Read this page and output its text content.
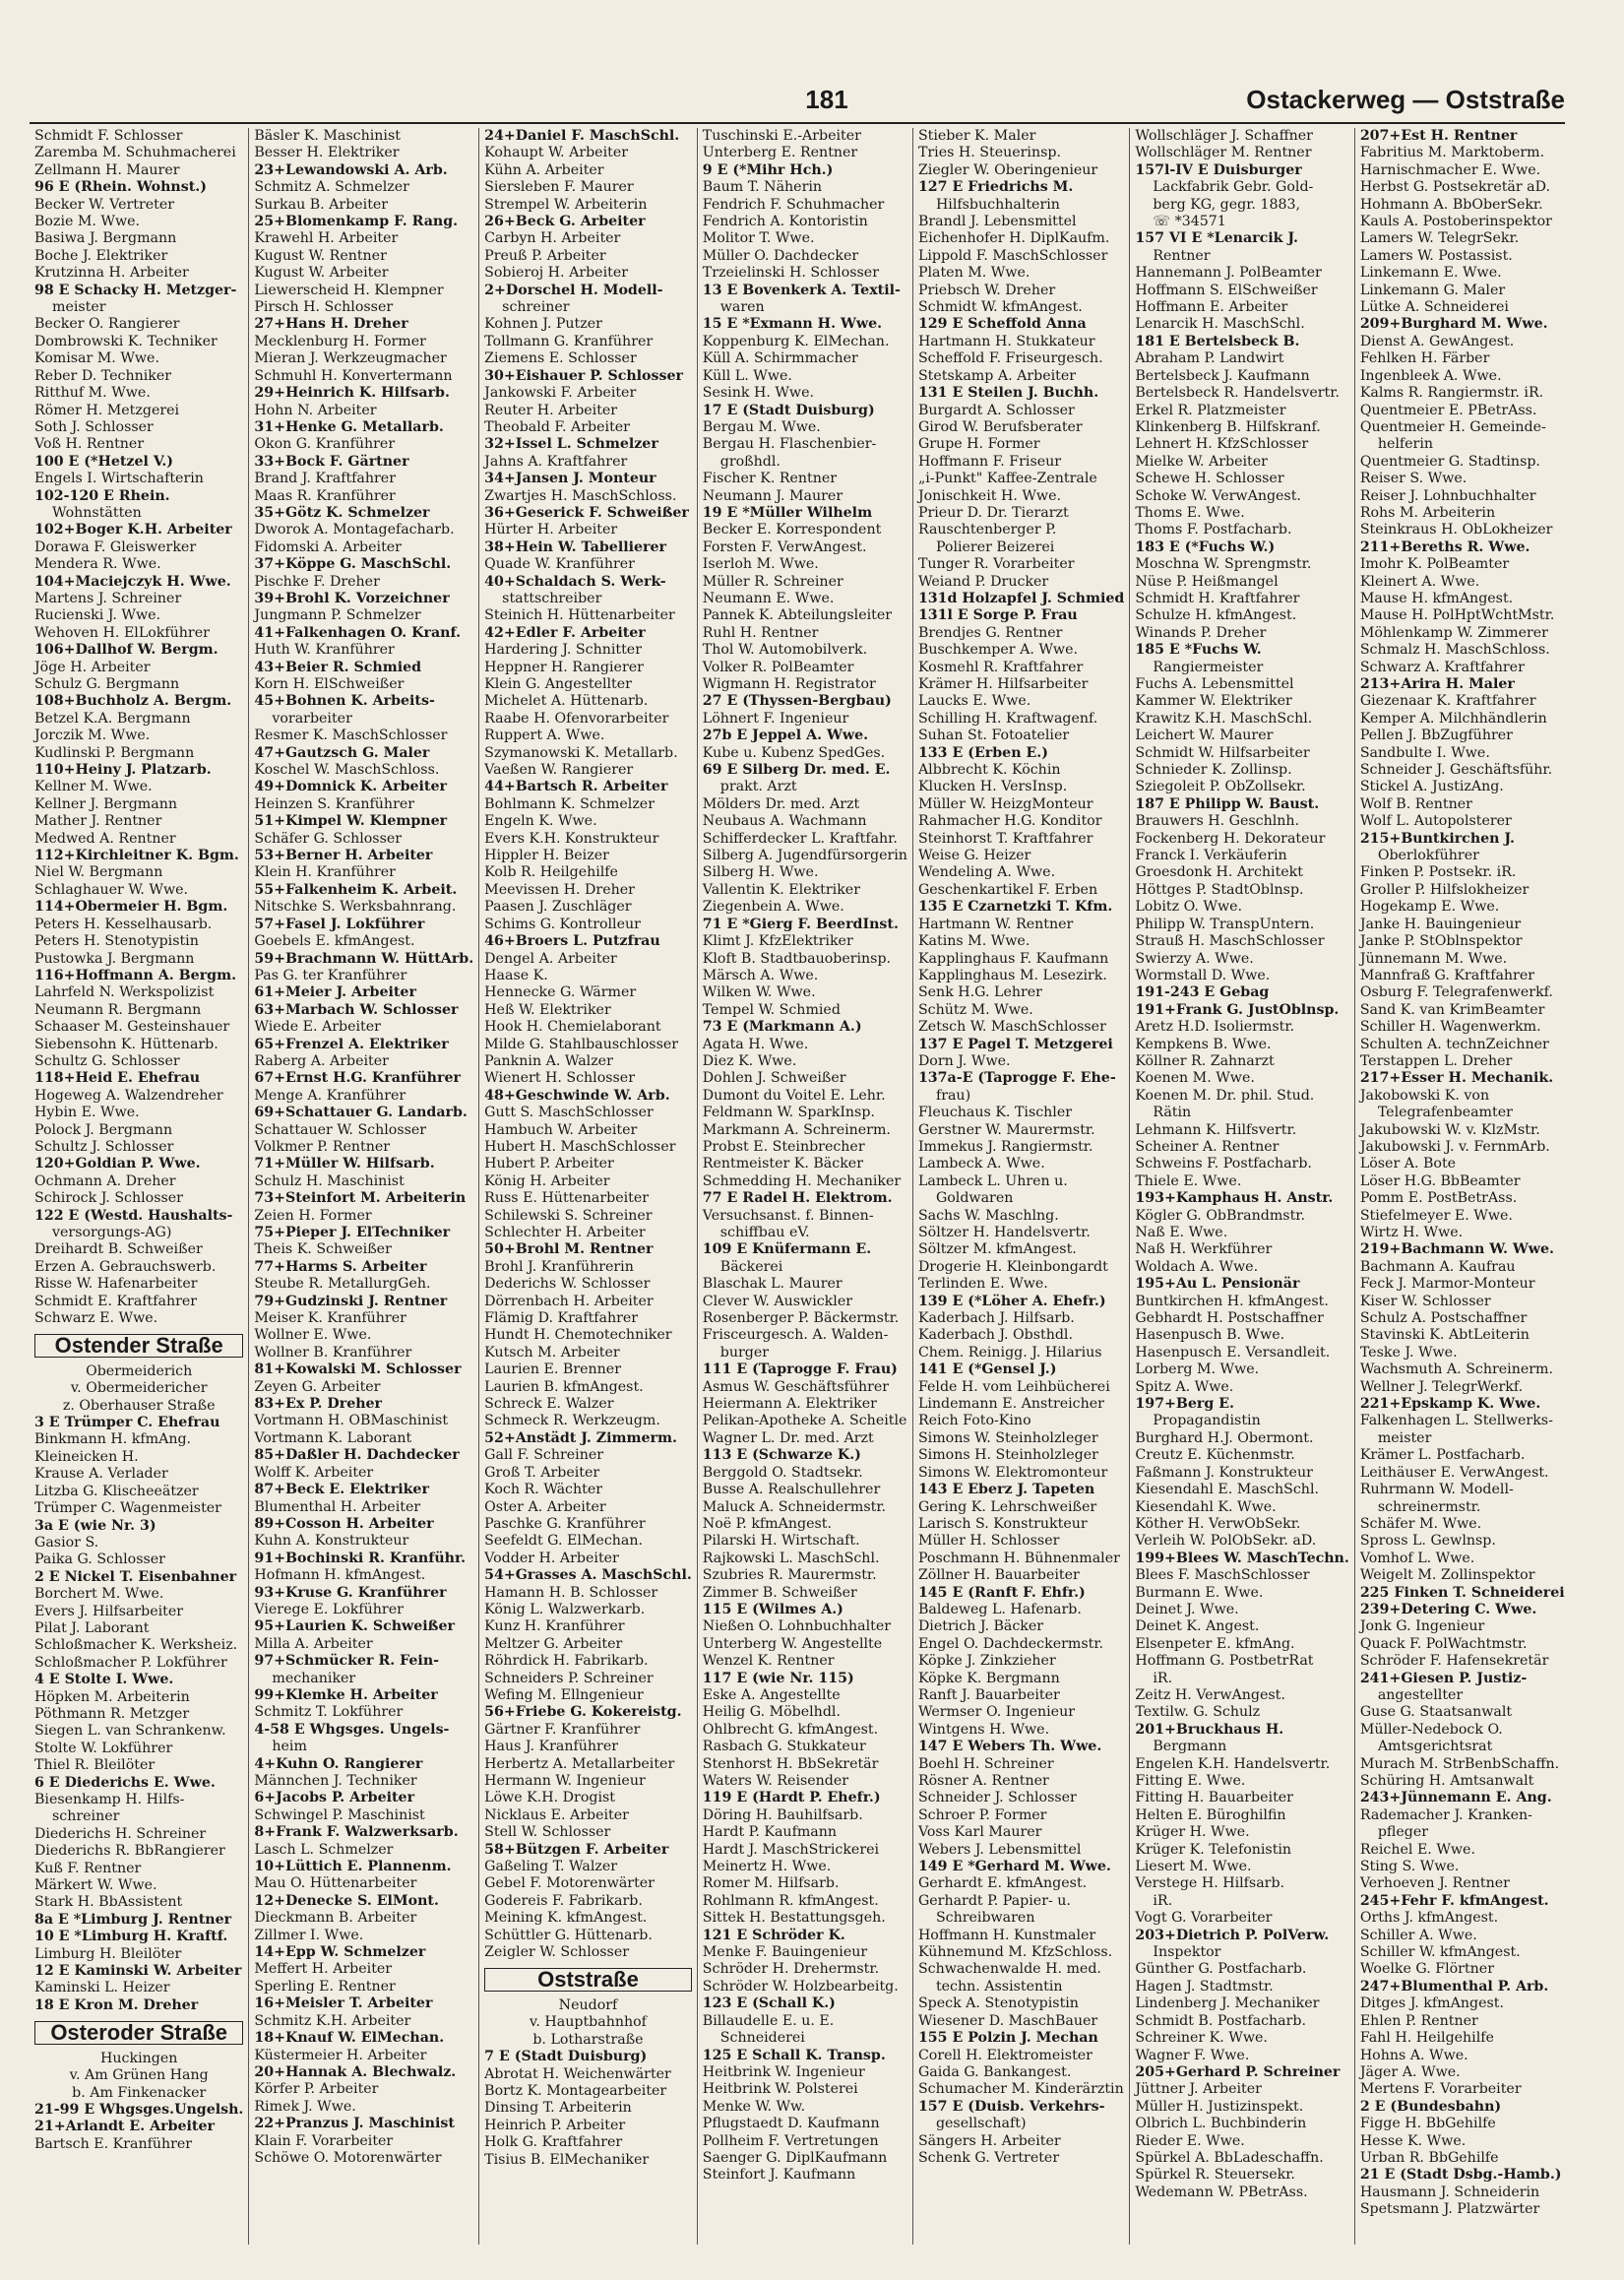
181	Ostackerweg — Oststraße
Schmidt F. Schlosser
Zaremba M. Schuhmacherei
Zellmann H. Maurer
96 E (Rhein. Wohnst.)
Becker W. Vertreter
Bozie M. Wwe.
Basiwa J. Bergmann
Boche J. Elektriker
Krutzinna H. Arbeiter
98 E Schacky H. Metzger-
meister
Becker O. Rangierer
Dombrowski K. Techniker
Komisar M. Wwe.
Reber D. Techniker
Ritthuf M. Wwe.
Römer H. Metzgerei
Soth J. Schlosser
Voß H. Rentner
100 E (*Hetzel V.)
Engels I. Wirtschafterin
102-120 E Rhein.
Wohnstätten
102+Boger K.H. Arbeiter
Dorawa F. Gleiswerker
Mendera R. Wwe.
104+Maciejczyk H. Wwe.
Martens J. Schreiner
Rucienski J. Wwe.
Wehoven H. ElLokführer
106+Dallhof W. Bergm.
Jöge H. Arbeiter
Schulz G. Bergmann
108+Buchholz A. Bergm.
Betzel K.A. Bergmann
Jorczik M. Wwe.
Kudlinski P. Bergmann
110+Heiny J. Platzarb.
Kellner M. Wwe.
Kellner J. Bergmann
Mather J. Rentner
Medwed A. Rentner
112+Kirchleitner K. Bgm.
Niel W. Bergmann
Schlaghauer W. Wwe.
114+Obermeier H. Bgm.
Peters H. Kesselhausarb.
Peters H. Stenotypistin
Pustowka J. Bergmann
116+Hoffmann A. Bergm.
Lahrfeld N. Werkspolizist
Neumann R. Bergmann
Schaaser M. Gesteinshauer
Siebensohn K. Hüttenarb.
Schultz G. Schlosser
118+Heid E. Ehefrau
Hogeweg A. Walzendreher
Hybin E. Wwe.
Polock J. Bergmann
Schultz J. Schlosser
120+Goldian P. Wwe.
Ochmann A. Dreher
Schirock J. Schlosser
122 E (Westd. Haushalts-
versorgungs-AG)
Dreihardt B. Schweißer
Erzen A. Gebrauchswerb.
Risse W. Hafenarbeiter
Schmidt E. Kraftfahrer
Schwarz E. Wwe.
Ostender Straße
Obermeiderich
v. Obermeidericher
z. Oberhauser Straße
3 E Trümper C. Ehefrau
Binkmann H. kfmAng.
Kleineicken H.
Krause A. Verlader
Litzba G. Klischeeätzer
Trümper C. Wagenmeister
3a E (wie Nr. 3)
Gasior S.
Paika G. Schlosser
2 E Nickel T. Eisenbahner
Borchert M. Wwe.
Evers J. Hilfsarbeiter
Pilat J. Laborant
Schloßmacher K. Werksheiz.
Schloßmacher P. Lokführer
4 E Stolte I. Wwe.
Höpken M. Arbeiterin
Pöthmann R. Metzger
Siegen L. van Schrankenw.
Stolte W. Lokführer
Thiel R. Bleilöter
6 E Diederichs E. Wwe.
Biesenkamp H. Hilfs-
schreiner
Diederichs H. Schreiner
Diederichs R. BbRangierer
Kuß F. Rentner
Märkert W. Wwe.
Stark H. BbAssistent
8a E *Limburg J. Rentner
10 E *Limburg H. Kraftf.
Limburg H. Bleilöter
12 E Kaminski W. Arbeiter
Kaminski L. Heizer
18 E Kron M. Dreher
Osteroder Straße
Huckingen
v. Am Grünen Hang
b. Am Finkenacker
21-99 E Whgsges.Ungelsh.
21+Arlandt E. Arbeiter
Bartsch E. Kranführer
Bäsler K. Maschinist
Besser H. Elektriker
23+Lewandowski A. Arb.
Schmitz A. Schmelzer
Surkau B. Arbeiter
25+Blomenkamp F. Rang.
Krawehl H. Arbeiter
Kugust W. Rentner
Kugust W. Arbeiter
Liewerscheid H. Klempner
Pirsch H. Schlosser
27+Hans H. Dreher
Mecklenburg H. Former
Mieran J. Werkzeugmacher
Schmuhl H. Konvertermann
29+Heinrich K. Hilfsarb.
Hohn N. Arbeiter
31+Henke G. Metallarb.
Okon G. Kranführer
33+Bock F. Gärtner
Brand J. Kraftfahrer
Maas R. Kranführer
35+Götz K. Schmelzer
Dworok A. Montagefacharb.
Fidomski A. Arbeiter
37+Köppe G. MaschSchl.
Pischke F. Dreher
39+Brohl K. Vorzeichner
Jungmann P. Schmelzer
41+Falkenhagen O. Kranf.
Huth W. Kranführer
43+Beier R. Schmied
Korn H. ElSchweißer
45+Bohnen K. Arbeits-
vorarbeiter
Resmer K. MaschSchlosser
47+Gautzsch G. Maler
Koschel W. MaschSchloss.
49+Domnick K. Arbeiter
Heinzen S. Kranführer
51+Kimpel W. Klempner
Schäfer G. Schlosser
53+Berner H. Arbeiter
Klein H. Kranführer
55+Falkenheim K. Arbeit.
Nitschke S. Werksbahnrang.
57+Fasel J. Lokführer
Goebels E. kfmAngest.
59+Brachmann W. HüttArb.
Pas G. ter Kranführer
61+Meier J. Arbeiter
63+Marbach W. Schlosser
Wiede E. Arbeiter
65+Frenzel A. Elektriker
Raberg A. Arbeiter
67+Ernst H.G. Kranführer
Menge A. Kranführer
69+Schattauer G. Landarb.
Schattauer W. Schlosser
Volkmer P. Rentner
71+Müller W. Hilfsarb.
Schulz H. Maschinist
73+Steinfort M. Arbeiterin
Zeien H. Former
75+Pieper J. ElTechniker
Theis K. Schweißer
77+Harms S. Arbeiter
Steube R. MetallurgGeh.
79+Gudzinski J. Rentner
Meiser K. Kranführer
Wollner E. Wwe.
Wollner B. Kranführer
81+Kowalski M. Schlosser
Zeyen G. Arbeiter
83+Ex P. Dreher
Vortmann H. OBMaschinist
Vortmann K. Laborant
85+Daßler H. Dachdecker
Wolff K. Arbeiter
87+Beck E. Elektriker
Blumenthal H. Arbeiter
89+Cosson H. Arbeiter
Kuhn A. Konstrukteur
91+Bochinski R. Kranführ.
Hofmann H. kfmAngest.
93+Kruse G. Kranführer
Vierege E. Lokführer
95+Laurien K. Schweißer
Milla A. Arbeiter
97+Schmücker R. Fein-
mechaniker
99+Klemke H. Arbeiter
Schmitz T. Lokführer
4-58 E Whgsges. Ungels-
heim
4+Kuhn O. Rangierer
Männchen J. Techniker
6+Jacobs P. Arbeiter
Schwingel P. Maschinist
8+Frank F. Walzwerksarb.
Lasch L. Schmelzer
10+Lüttich E. Plannenm.
Mau O. Hüttenarbeiter
12+Denecke S. ElMont.
Dieckmann B. Arbeiter
Zillmer I. Wwe.
14+Epp W. Schmelzer
Meffert H. Arbeiter
Sperling E. Rentner
16+Meisler T. Arbeiter
Schmitz K.H. Arbeiter
18+Knauf W. ElMechan.
Küstermeier H. Arbeiter
20+Hannak A. Blechwalz.
Körfer P. Arbeiter
Rimek J. Wwe.
22+Pranzus J. Maschinist
Klain F. Vorarbeiter
Schöwe O. Motorenwärter
24+Daniel F. MaschSchl.
Kohaupt W. Arbeiter
Kühn A. Arbeiter
Siersleben F. Maurer
Strempel W. Arbeiterin
26+Beck G. Arbeiter
Carbyn H. Arbeiter
Preuß P. Arbeiter
Sobieroj H. Arbeiter
2+Dorschel H. Modell-
schreiner
Kohnen J. Putzer
Tollmann G. Kranführer
Ziemens E. Schlosser
30+Eishauer P. Schlosser
Jankowski F. Arbeiter
Reuter H. Arbeiter
Theobald F. Arbeiter
32+Issel L. Schmelzer
Jahns A. Kraftfahrer
34+Jansen J. Monteur
Zwartjes H. MaschSchloss.
36+Geserick F. Schweißer
Hürter H. Arbeiter
38+Hein W. Tabellierer
Quade W. Kranführer
40+Schaldach S. Werk-
stattschreiber
Steinich H. Hüttenarbeiter
42+Edler F. Arbeiter
Hardering J. Schnitter
Heppner H. Rangierer
Klein G. Angestellter
Michelet A. Hüttenarb.
Raabe H. Ofenvorarbeiter
Ruppert A. Wwe.
Szymanowski K. Metallarb.
Vaeßen W. Rangierer
44+Bartsch R. Arbeiter
Bohlmann K. Schmelzer
Engeln K. Wwe.
Evers K.H. Konstrukteur
Hippler H. Beizer
Kolb R. Heilgehilfe
Meevissen H. Dreher
Paasen J. Zuschläger
Schims G. Kontrolleur
46+Broers L. Putzfrau
Dengel A. Arbeiter
Haase K.
Hennecke G. Wärmer
Heß W. Elektriker
Hook H. Chemielaborant
Milde G. Stahlbauschlosser
Panknin A. Walzer
Wienert H. Schlosser
48+Geschwinde W. Arb.
Gutt S. MaschSchlosser
Hambuch W. Arbeiter
Hubert H. MaschSchlosser
Hubert P. Arbeiter
König H. Arbeiter
Russ E. Hüttenarbeiter
Schilewski S. Schreiner
Schlechter H. Arbeiter
50+Brohl M. Rentner
Brohl J. Kranführerin
Dederichs W. Schlosser
Dörrenbach H. Arbeiter
Flämig D. Kraftfahrer
Hundt H. Chemotechniker
Kutsch M. Arbeiter
Laurien E. Brenner
Laurien B. kfmAngest.
Schreck E. Walzer
Schmeck R. Werkzeugm.
52+Anstädt J. Zimmerm.
Gall F. Schreiner
Groß T. Arbeiter
Koch R. Wächter
Oster A. Arbeiter
Paschke G. Kranführer
Seefeldt G. ElMechan.
Vodder H. Arbeiter
54+Grasses A. MaschSchl.
Hamann H. B. Schlosser
König L. Walzwerkarb.
Kunz H. Kranführer
Meltzer G. Arbeiter
Röhrdick H. Fabrikarb.
Schneiders P. Schreiner
Wefing M. Ellngenieur
56+Friebe G. Kokereistg.
Gärtner F. Kranführer
Haus J. Kranführer
Herbertz A. Metallarbeiter
Hermann W. Ingenieur
Löwe K.H. Drogist
Nicklaus E. Arbeiter
Stell W. Schlosser
58+Bützgen F. Arbeiter
Gaßeling T. Walzer
Gebel F. Motorenwärter
Godereis F. Fabrikarb.
Meining K. kfmAngest.
Schüttler G. Hüttenarb.
Zeigler W. Schlosser
Oststraße
Neudorf
v. Hauptbahnhof
b. Lotharstraße
7 E (Stadt Duisburg)
Abrotat H. Weichenwärter
Bortz K. Montagearbeiter
Dinsing T. Arbeiterin
Heinrich P. Arbeiter
Holk G. Kraftfahrer
Tisius B. ElMechaniker
Tuschinski E.-Arbeiter
Unterberg E. Rentner
9 E (*Mihr Hch.)
Baum T. Näherin
Fendrich F. Schuhmacher
Fendrich A. Kontoristin
Molitor T. Wwe.
Müller O. Dachdecker
Trzeielinski H. Schlosser
13 E Bovenkerk A. Textil-
waren
15 E *Exmann H. Wwe.
Koppenburg K. ElMechan.
Küll A. Schirmmacher
Küll L. Wwe.
Sesink H. Wwe.
17 E (Stadt Duisburg)
Bergau M. Wwe.
Bergau H. Flaschenbier-
großhdl.
Fischer K. Rentner
Neumann J. Maurer
19 E *Müller Wilhelm
Becker E. Korrespondent
Forsten F. VerwAngest.
Iserloh M. Wwe.
Müller R. Schreiner
Neumann E. Wwe.
Pannek K. Abteilungsleiter
Ruhl H. Rentner
Thol W. Automobilverk.
Volker R. PolBeamter
Wigmann H. Registrator
27 E (Thyssen-Bergbau)
Löhnert F. Ingenieur
27b E Jeppel A. Wwe.
Kube u. Kubenz SpedGes.
69 E Silberg Dr. med. E.
prakt. Arzt
Mölders Dr. med. Arzt
Neubaus A. Wachmann
Schifferdecker L. Kraftfahr.
Silberg A. Jugendfürsorgerin
Silberg H. Wwe.
Vallentin K. Elektriker
Ziegenbein A. Wwe.
71 E *Gierg F. BeerdInst.
Klimt J. KfzElektriker
Kloft B. Stadtbauoberinsp.
Märsch A. Wwe.
Wilken W. Wwe.
Tempel W. Schmied
73 E (Markmann A.)
Agata H. Wwe.
Diez K. Wwe.
Dohlen J. Schweißer
Dumont du Voitel E. Lehr.
Feldmann W. SparkInsp.
Markmann A. Schreinerm.
Probst E. Steinbrecher
Rentmeister K. Bäcker
Schmedding H. Mechaniker
77 E Radel H. Elektrom.
Versuchsanst. f. Binnen-
schiffbau eV.
109 E Knüfermann E.
Bäckerei
Blaschak L. Maurer
Clever W. Auswickler
Rosenberger P. Bäckermstr.
Frisceurgesch. A. Walden-
burger
111 E (Taprogge F. Frau)
Asmus W. Geschäftsführer
Heiermann A. Elektriker
Pelikan-Apotheke A. Scheitle
Wagner L. Dr. med. Arzt
113 E (Schwarze K.)
Berggold O. Stadtsekr.
Busse A. Realschullehrer
Maluck A. Schneidermstr.
Noë P. kfmAngest.
Pilarski H. Wirtschaft.
Rajkowski L. MaschSchl.
Szubries R. Maurermstr.
Zimmer B. Schweißer
115 E (Wilmes A.)
Nießen O. Lohnbuchhalter
Unterberg W. Angestellte
Wenzel K. Rentner
117 E (wie Nr. 115)
Eske A. Angestellte
Heilig G. Möbelhdl.
Ohlbrecht G. kfmAngest.
Rasbach G. Stukkateur
Stenhorst H. BbSekretär
Waters W. Reisender
119 E (Hardt P. Ehefr.)
Döring H. Bauhilfsarb.
Hardt P. Kaufmann
Hardt J. MaschStrickerei
Meinertz H. Wwe.
Romer M. Hilfsarb.
Rohlmann R. kfmAngest.
Sittek H. Bestattungsgeh.
121 E Schröder K.
Menke F. Bauingenieur
Schröder H. Drehermstr.
Schröder W. Holzbearbeitg.
123 E (Schall K.)
Billaudelle E. u. E.
Schneiderei
125 E Schall K. Transp.
Heitbrink W. Ingenieur
Heitbrink W. Polsterei
Menke W. Ww.
Pflugstaedt D. Kaufmann
Pollheim F. Vertretungen
Saenger G. DiplKaufmann
Steinfort J. Kaufmann
Stieber K. Maler
Tries H. Steuerinsp.
Ziegler W. Oberingenieur
127 E Friedrichs M.
Hilfsbuchhalterin
Brandl J. Lebensmittel
Eichenhofer H. DiplKaufm.
Lippold F. MaschSchlosser
Platen M. Wwe.
Priebsch W. Dreher
Schmidt W. kfmAngest.
129 E Scheffold Anna
Hartmann H. Stukkateur
Scheffold F. Friseurgesch.
Stetskamp A. Arbeiter
131 E Steilen J. Buchh.
Burgardt A. Schlosser
Girod W. Berufsberater
Grupe H. Former
Hoffmann F. Friseur
„i-Punkt" Kaffee-Zentrale
Jonischkeit H. Wwe.
Prieur D. Dr. Tierarzt
Rauschtenberger P.
Polierer Beizerei
Tunger R. Vorarbeiter
Weiand P. Drucker
131d Holzapfel J. Schmied
131l E Sorge P. Frau
Brendjes G. Rentner
Buschkemper A. Wwe.
Kosmehl R. Kraftfahrer
Krämer H. Hilfsarbeiter
Laucks E. Wwe.
Schilling H. Kraftwagenf.
Suhan St. Fotoatelier
133 E (Erben E.)
Albbrecht K. Köchin
Klucken H. VersInsp.
Müller W. HeizgMonteur
Rahmacher H.G. Konditor
Steinhorst T. Kraftfahrer
Weise G. Heizer
Wendeling A. Wwe.
Geschenkartikel F. Erben
135 E Czarnetzki T. Kfm.
Hartmann W. Rentner
Katins M. Wwe.
Kapplinghaus F. Kaufmann
Kapplinghaus M. Lesezirk.
Senk H.G. Lehrer
Schütz M. Wwe.
Zetsch W. MaschSchlosser
137 E Pagel T. Metzgerei
Dorn J. Wwe.
137a-E (Taprogge F. Ehe-
frau)
Fleuchaus K. Tischler
Gerstner W. Maurermstr.
Immekus J. Rangiermstr.
Lambeck A. Wwe.
Lambeck L. Uhren u.
Goldwaren
Sachs W. Maschlng.
Söltzer H. Handelsvertr.
Söltzer M. kfmAngest.
Drogerie H. Kleinbongardt
Terlinden E. Wwe.
139 E (*Löher A. Ehefr.)
Kaderbach J. Hilfsarb.
Kaderbach J. Obsthdl.
Chem. Reinigg. J. Hilarius
141 E (*Gensel J.)
Felde H. vom Leihbücherei
Lindemann E. Anstreicher
Reich Foto-Kino
Simons W. Steinholzleger
Simons H. Steinholzleger
Simons W. Elektromonteur
143 E Eberz J. Tapeten
Gering K. Lehrschweißer
Larisch S. Konstrukteur
Müller H. Schlosser
Poschmann H. Bühnenmaler
Zöllner H. Bauarbeiter
145 E (Ranft F. Ehfr.)
Baldeweg L. Hafenarb.
Dietrich J. Bäcker
Engel O. Dachdeckermstr.
Köpke J. Zinkzieher
Köpke K. Bergmann
Ranft J. Bauarbeiter
Wermser O. Ingenieur
Wintgens H. Wwe.
147 E Webers Th. Wwe.
Boehl H. Schreiner
Rösner A. Rentner
Schneider J. Schlosser
Schroer P. Former
Voss Karl Maurer
Webers J. Lebensmittel
149 E *Gerhard M. Wwe.
Gerhardt E. kfmAngest.
Gerhardt P. Papier- u.
Schreibwaren
Hoffmann H. Kunstmaler
Kühnemund M. KfzSchloss.
Schwachenwalde H. med.
techn. Assistentin
Speck A. Stenotypistin
Wiesener D. MaschBauer
155 E Polzin J. Mechan
Corell H. Elektromeister
Gaida G. Bankangest.
Schumacher M. Kinderärztin
157 E (Duisb. Verkehrs-
gesellschaft)
Sängers H. Arbeiter
Schenk G. Vertreter
Wollschläger J. Schaffner
Wollschläger M. Rentner
157l-IV E Duisburger
Lackfabrik Gebr. Gold-
berg KG, gegr. 1883,
☏ *34571
157 VI E *Lenarcik J.
Rentner
Hannemann J. PolBeamter
Hoffmann S. ElSchweißer
Hoffmann E. Arbeiter
Lenarcik H. MaschSchl.
181 E Bertelsbeck B.
Abraham P. Landwirt
Bertelsbeck J. Kaufmann
Bertelsbeck R. Handelsvertr.
Erkel R. Platzmeister
Klinkenberg B. Hilfskranf.
Lehnert H. KfzSchlosser
Mielke W. Arbeiter
Schewe H. Schlosser
Schoke W. VerwAngest.
Thoms E. Wwe.
Thoms F. Postfacharb.
183 E (*Fuchs W.)
Moschna W. Sprengmstr.
Nüse P. Heißmangel
Schmidt H. Kraftfahrer
Schulze H. kfmAngest.
Winands P. Dreher
185 E *Fuchs W.
Rangiermeister
Fuchs A. Lebensmittel
Kammer W. Elektriker
Krawitz K.H. MaschSchl.
Leichert W. Maurer
Schmidt W. Hilfsarbeiter
Schnieder K. Zollinsp.
Sziegoleit P. ObZollsekr.
187 E Philipp W. Baust.
Brauwers H. Geschlnh.
Fockenberg H. Dekorateur
Franck I. Verkäuferin
Groesdonk H. Architekt
Höttges P. StadtOblnsp.
Lobitz O. Wwe.
Philipp W. TranspUntern.
Strauß H. MaschSchlosser
Swierzy A. Wwe.
Wormstall D. Wwe.
191-243 E Gebag
191+Frank G. JustOblnsp.
Aretz H.D. Isoliermstr.
Kempkens B. Wwe.
Köllner R. Zahnarzt
Koenen M. Wwe.
Koenen M. Dr. phil. Stud.
Rätin
Lehmann K. Hilfsvertr.
Scheiner A. Rentner
Schweins F. Postfacharb.
Thiele E. Wwe.
193+Kamphaus H. Anstr.
Kögler G. ObBrandmstr.
Naß E. Wwe.
Naß H. Werkführer
Woldach A. Wwe.
195+Au L. Pensionär
Buntkirchen H. kfmAngest.
Gebhardt H. Postschaffner
Hasenpusch B. Wwe.
Hasenpusch E. Versandleit.
Lorberg M. Wwe.
Spitz A. Wwe.
197+Berg E.
Propagandistin
Burghard H.J. Obermont.
Creutz E. Küchenmstr.
Faßmann J. Konstrukteur
Kiesendahl E. MaschSchl.
Kiesendahl K. Wwe.
Köther H. VerwObSekr.
Verleih W. PolObSekr. aD.
199+Blees W. MaschTechn.
Blees F. MaschSchlosser
Burmann E. Wwe.
Deinet J. Wwe.
Deinet K. Angest.
Elsenpeter E. kfmAng.
Hoffmann G. PostbetrRat
iR.
Zeitz H. VerwAngest.
Textilw. G. Schulz
201+Bruckhaus H.
Bergmann
Engelen K.H. Handelsvertr.
Fitting E. Wwe.
Fitting H. Bauarbeiter
Helten E. Büroghilfin
Krüger H. Wwe.
Krüger K. Telefonistin
Liesert M. Wwe.
Verstege H. Hilfsarb.
iR.
Vogt G. Vorarbeiter
203+Dietrich P. PolVerw.
Inspektor
Günther G. Postfacharb.
Hagen J. Stadtmstr.
Lindenberg J. Mechaniker
Schmidt B. Postfacharb.
Schreiner K. Wwe.
Wagner F. Wwe.
205+Gerhard P. Schreiner
Jüttner J. Arbeiter
Müller H. Justizinspekt.
Olbrich L. Buchbinderin
Rieder E. Wwe.
Spürkel A. BbLadeschaffn.
Spürkel R. Steuersekr.
Wedemann W. PBetrAss.
207+Est H. Rentner
Fabritius M. Marktoberm.
Harnischmacher E. Wwe.
Herbst G. Postsekretär aD.
Hohmann A. BbOberSekr.
Kauls A. Postoberinspektor
Lamers W. TelegrSekr.
Lamers W. Postassist.
Linkemann E. Wwe.
Linkemann G. Maler
Lütke A. Schneiderei
209+Burghard M. Wwe.
Dienst A. GewAngest.
Fehlken H. Färber
Ingenbleek A. Wwe.
Kalms R. Rangiermstr. iR.
Quentmeier E. PBetrAss.
Quentmeier H. Gemeinde-
helferin
Quentmeier G. Stadtinsp.
Reiser S. Wwe.
Reiser J. Lohnbuchhalter
Rohs M. Arbeiterin
Steinkraus H. ObLokheizer
211+Bereths R. Wwe.
Imohr K. PolBeamter
Kleinert A. Wwe.
Mause H. kfmAngest.
Mause H. PolHptWchtMstr.
Möhlenkamp W. Zimmerer
Schmalz H. MaschSchloss.
Schwarz A. Kraftfahrer
213+Arira H. Maler
Giezenaar K. Kraftfahrer
Kemper A. Milchhändlerin
Pellen J. BbZugführer
Sandbulte I. Wwe.
Schneider J. Geschäftsführ.
Stickel A. JustizAng.
Wolf B. Rentner
Wolf L. Autopolsterer
215+Buntkirchen J.
Oberlokführer
Finken P. Postsekr. iR.
Groller P. Hilfslokheizer
Hogekamp E. Wwe.
Janke H. Bauingenieur
Janke P. StOblnspektor
Jünnemann M. Wwe.
Mannfraß G. Kraftfahrer
Osburg F. Telegrafenwerkf.
Sand K. van KrimBeamter
Schiller H. Wagenwerkm.
Schulten A. technZeichner
Terstappen L. Dreher
217+Esser H. Mechanik.
Jakobowski K. von
Telegrafenbeamter
Jakubowski W. v. KlzMstr.
Jakubowski J. v. FernmArb.
Löser A. Bote
Löser H.G. BbBeamter
Pomm E. PostBetrAss.
Stiefelmeyer E. Wwe.
Wirtz H. Wwe.
219+Bachmann W. Wwe.
Bachmann A. Kaufrau
Feck J. Marmor-Monteur
Kiser W. Schlosser
Schulz A. Postschaffner
Stavinski K. AbtLeiterin
Teske J. Wwe.
Wachsmuth A. Schreinerm.
Wellner J. TelegrWerkf.
221+Epskamp K. Wwe.
Falkenhagen L. Stellwerks-
meister
Krämer L. Postfacharb.
Leithäuser E. VerwAngest.
Ruhrmann W. Modell-
schreinermstr.
Schäfer M. Wwe.
Spross L. Gewlnsp.
Vomhof L. Wwe.
Weigelt M. Zollinspektor
225 Finken T. Schneiderei
239+Detering C. Wwe.
Jonk G. Ingenieur
Quack F. PolWachtmstr.
Schröder F. Hafensekretär
241+Giesen P. Justiz-
angestellter
Guse G. Staatsanwalt
Müller-Nedebock O.
Amtsgerichtsrat
Murach M. StrBenbSchaffn.
Schüring H. Amtsanwalt
243+Jünnemann E. Ang.
Rademacher J. Kranken-
pfleger
Reichel E. Wwe.
Sting S. Wwe.
Verhoeven J. Rentner
245+Fehr F. kfmAngest.
Orths J. kfmAngest.
Schiller A. Wwe.
Schiller W. kfmAngest.
Woelke G. Flörtner
247+Blumenthal P. Arb.
Ditges J. kfmAngest.
Ehlen P. Rentner
Fahl H. Heilgehilfe
Hohns A. Wwe.
Jäger A. Wwe.
Mertens F. Vorarbeiter
2 E (Bundesbahn)
Figge H. BbGehilfe
Hesse K. Wwe.
Urban R. BbGehilfe
21 E (Stadt Dsbg.-Hamb.)
Hausmann J. Schneiderin
Spetsmann J. Platzwärter
